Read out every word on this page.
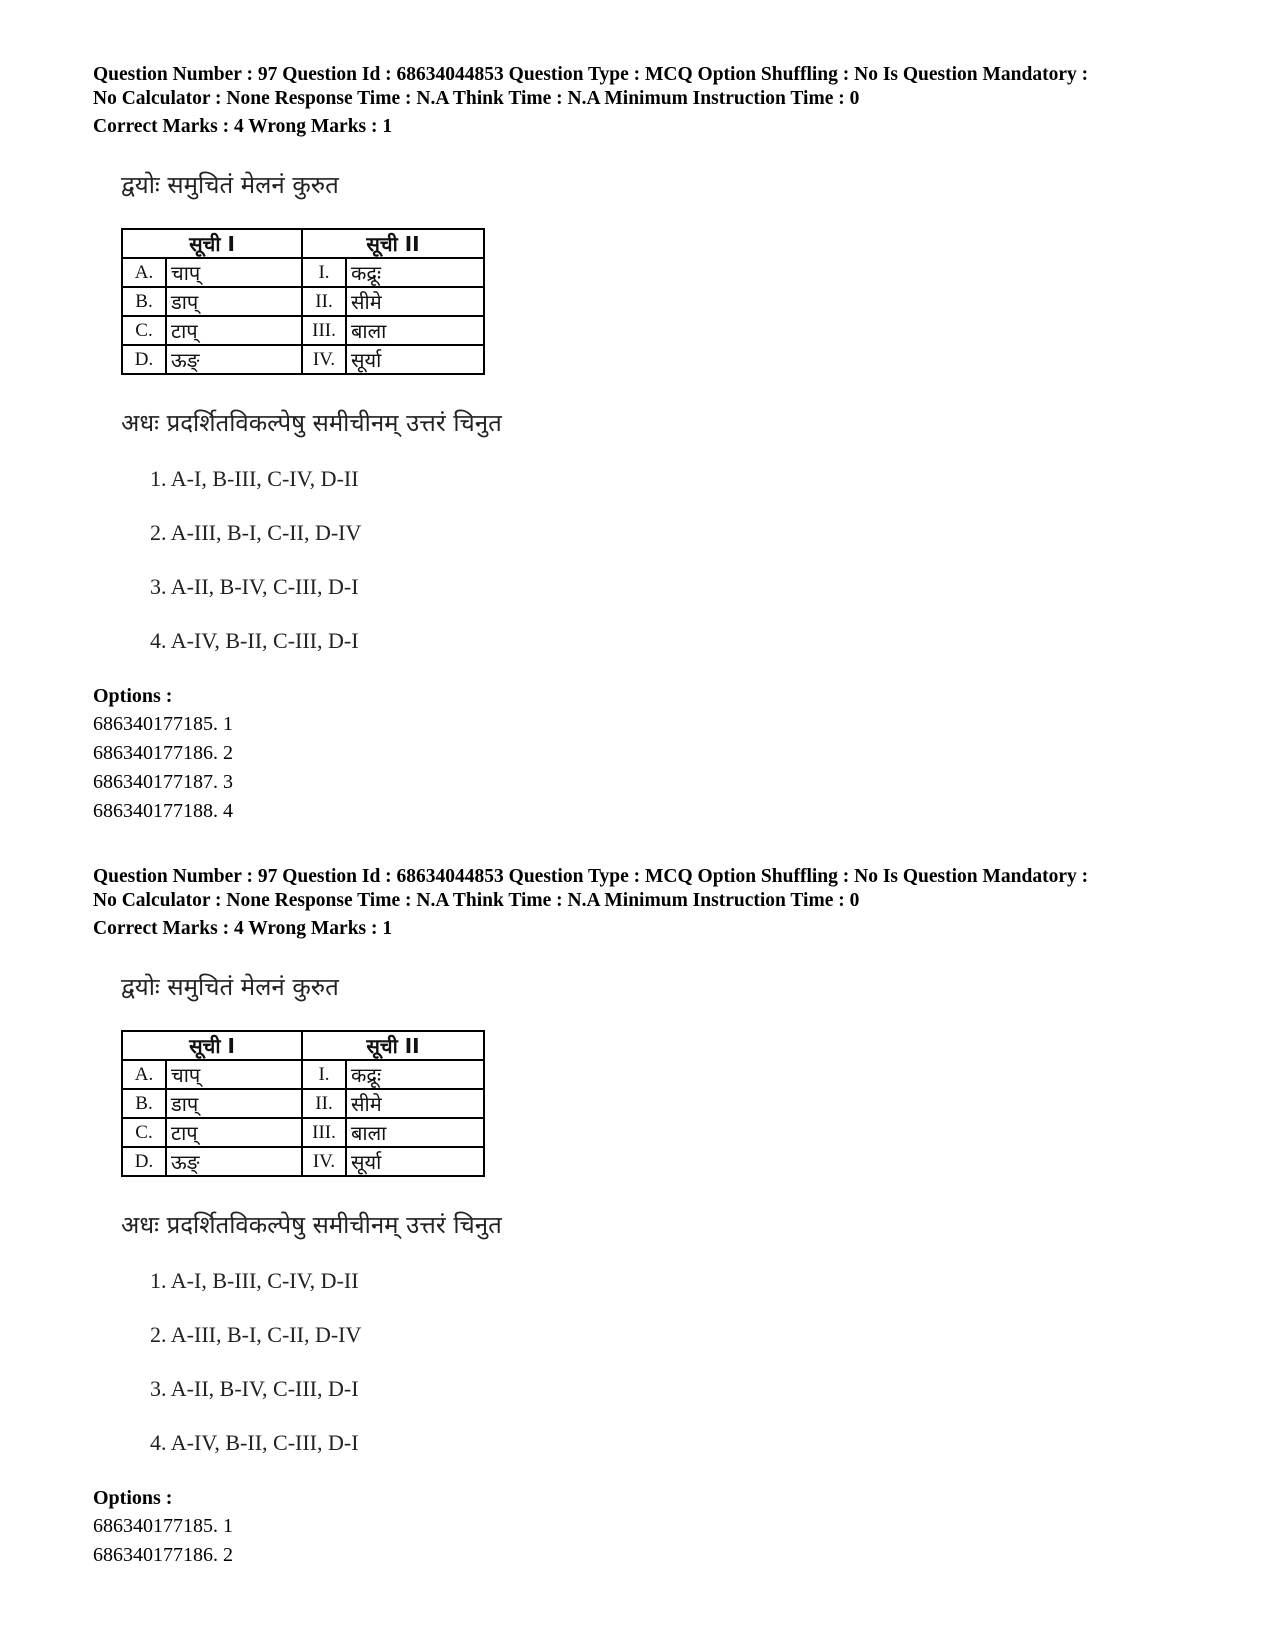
Question Number : 97 Question Id : 68634044853 Question Type : MCQ Option Shuffling : No Is Question Mandatory :
No Calculator : None Response Time : N.A Think Time : N.A Minimum Instruction Time : 0
Correct Marks : 4 Wrong Marks : 1
द्वयोः समुचितं मेलनं कुरुत
सूची I		सूची II	
A.	चाप्	I.	कद्रूः
B.	डाप्	II.	सीमे
C.	टाप्	III.	बाला
D.	ऊङ्	IV.	सूर्या
अधः प्रदर्शितविकल्पेषु समीचीनम् उत्तरं चिनुत
1. A-I, B-III, C-IV, D-II
2. A-III, B-I, C-II, D-IV
3. A-II, B-IV, C-III, D-I
4. A-IV, B-II, C-III, D-I
Options :
686340177185. 1
686340177186. 2
686340177187. 3
686340177188. 4
Question Number : 97 Question Id : 68634044853 Question Type : MCQ Option Shuffling : No Is Question Mandatory :
No Calculator : None Response Time : N.A Think Time : N.A Minimum Instruction Time : 0
Correct Marks : 4 Wrong Marks : 1
द्वयोः समुचितं मेलनं कुरुत
सूची I		सूची II	
A.	चाप्	I.	कद्रूः
B.	डाप्	II.	सीमे
C.	टाप्	III.	बाला
D.	ऊङ्	IV.	सूर्या
अधः प्रदर्शितविकल्पेषु समीचीनम् उत्तरं चिनुत
1. A-I, B-III, C-IV, D-II
2. A-III, B-I, C-II, D-IV
3. A-II, B-IV, C-III, D-I
4. A-IV, B-II, C-III, D-I
Options :
686340177185. 1
686340177186. 2
